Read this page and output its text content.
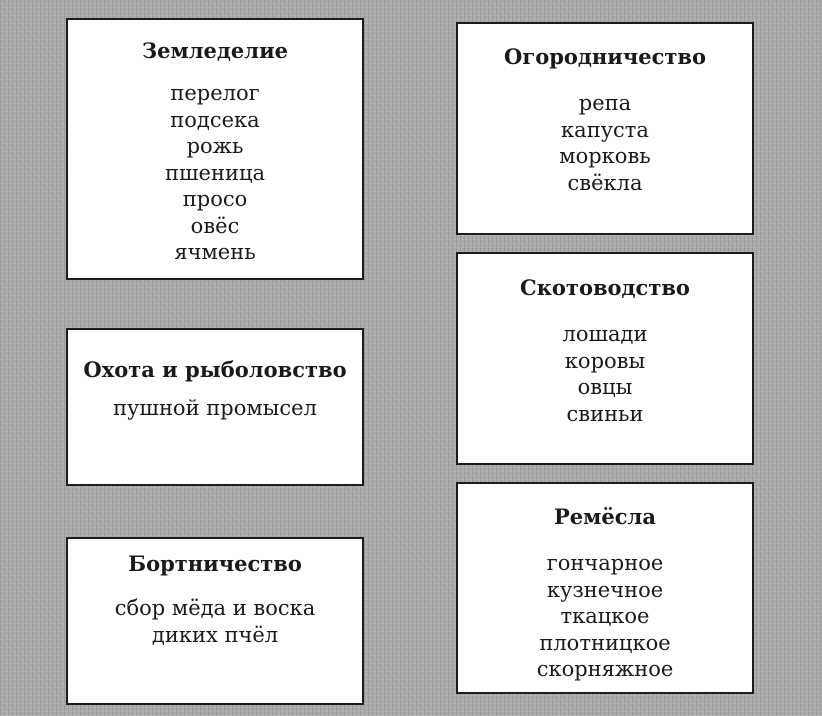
Земледелие
перелог
подсека
рожь
пшеница
просо
овёс
ячмень
Огородничество
репа
капуста
морковь
свёкла
Охота и рыболовство
пушной промысел
Скотоводство
лошади
коровы
овцы
свиньи
Бортничество
сбор мёда и воска
диких пчёл
Ремёсла
гончарное
кузнечное
ткацкое
плотницкое
скорняжное
